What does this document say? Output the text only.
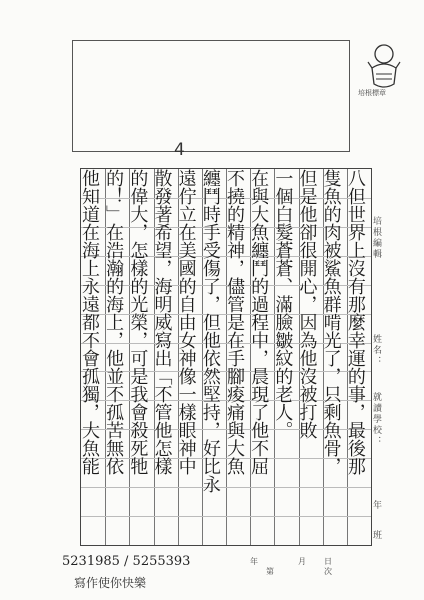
4
培根標章
八但世界上沒有那麼幸運的事，最後那
隻魚的肉被鯊魚群啃光了，只剩魚骨，
但是他卻很開心，因為他沒被打敗
一個白髮蒼蒼、滿臉皺紋的老人。
在與大魚纏鬥的過程中，晨現了他不屈
不撓的精神，儘管是在手腳痠痛與大魚
纏鬥時手受傷了，但他依然堅持，好比永
遠佇立在美國的自由女神像一樣眼神中
散發著希望，海明威寫出「不管他怎樣
的偉大，怎樣的光榮，可是我會殺死牠
的！」在浩瀚的海上，他並不孤苦無依
他知道在海上永遠都不會孤獨，大魚能	培根編輯
姓名：
就讀學校：
年
班
5231985 / 5255393
寫作使你快樂
年	月 日
第	次
